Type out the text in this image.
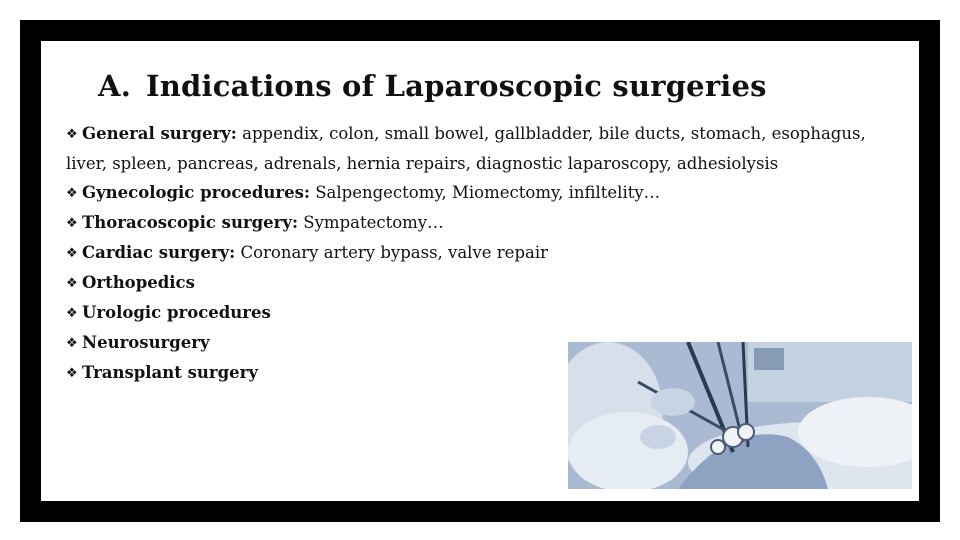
A. Indications of Laparoscopic surgeries
❖ General surgery: appendix, colon, small bowel, gallbladder, bile ducts, stomach, esophagus, liver, spleen, pancreas, adrenals, hernia repairs, diagnostic laparoscopy, adhesiolysis
❖ Gynecologic procedures: Salpengectomy, Miomectomy, infiltelity…
❖ Thoracoscopic surgery: Sympatectomy…
❖ Cardiac surgery: Coronary artery bypass, valve repair
❖ Orthopedics
❖ Urologic procedures
❖ Neurosurgery
❖ Transplant surgery
